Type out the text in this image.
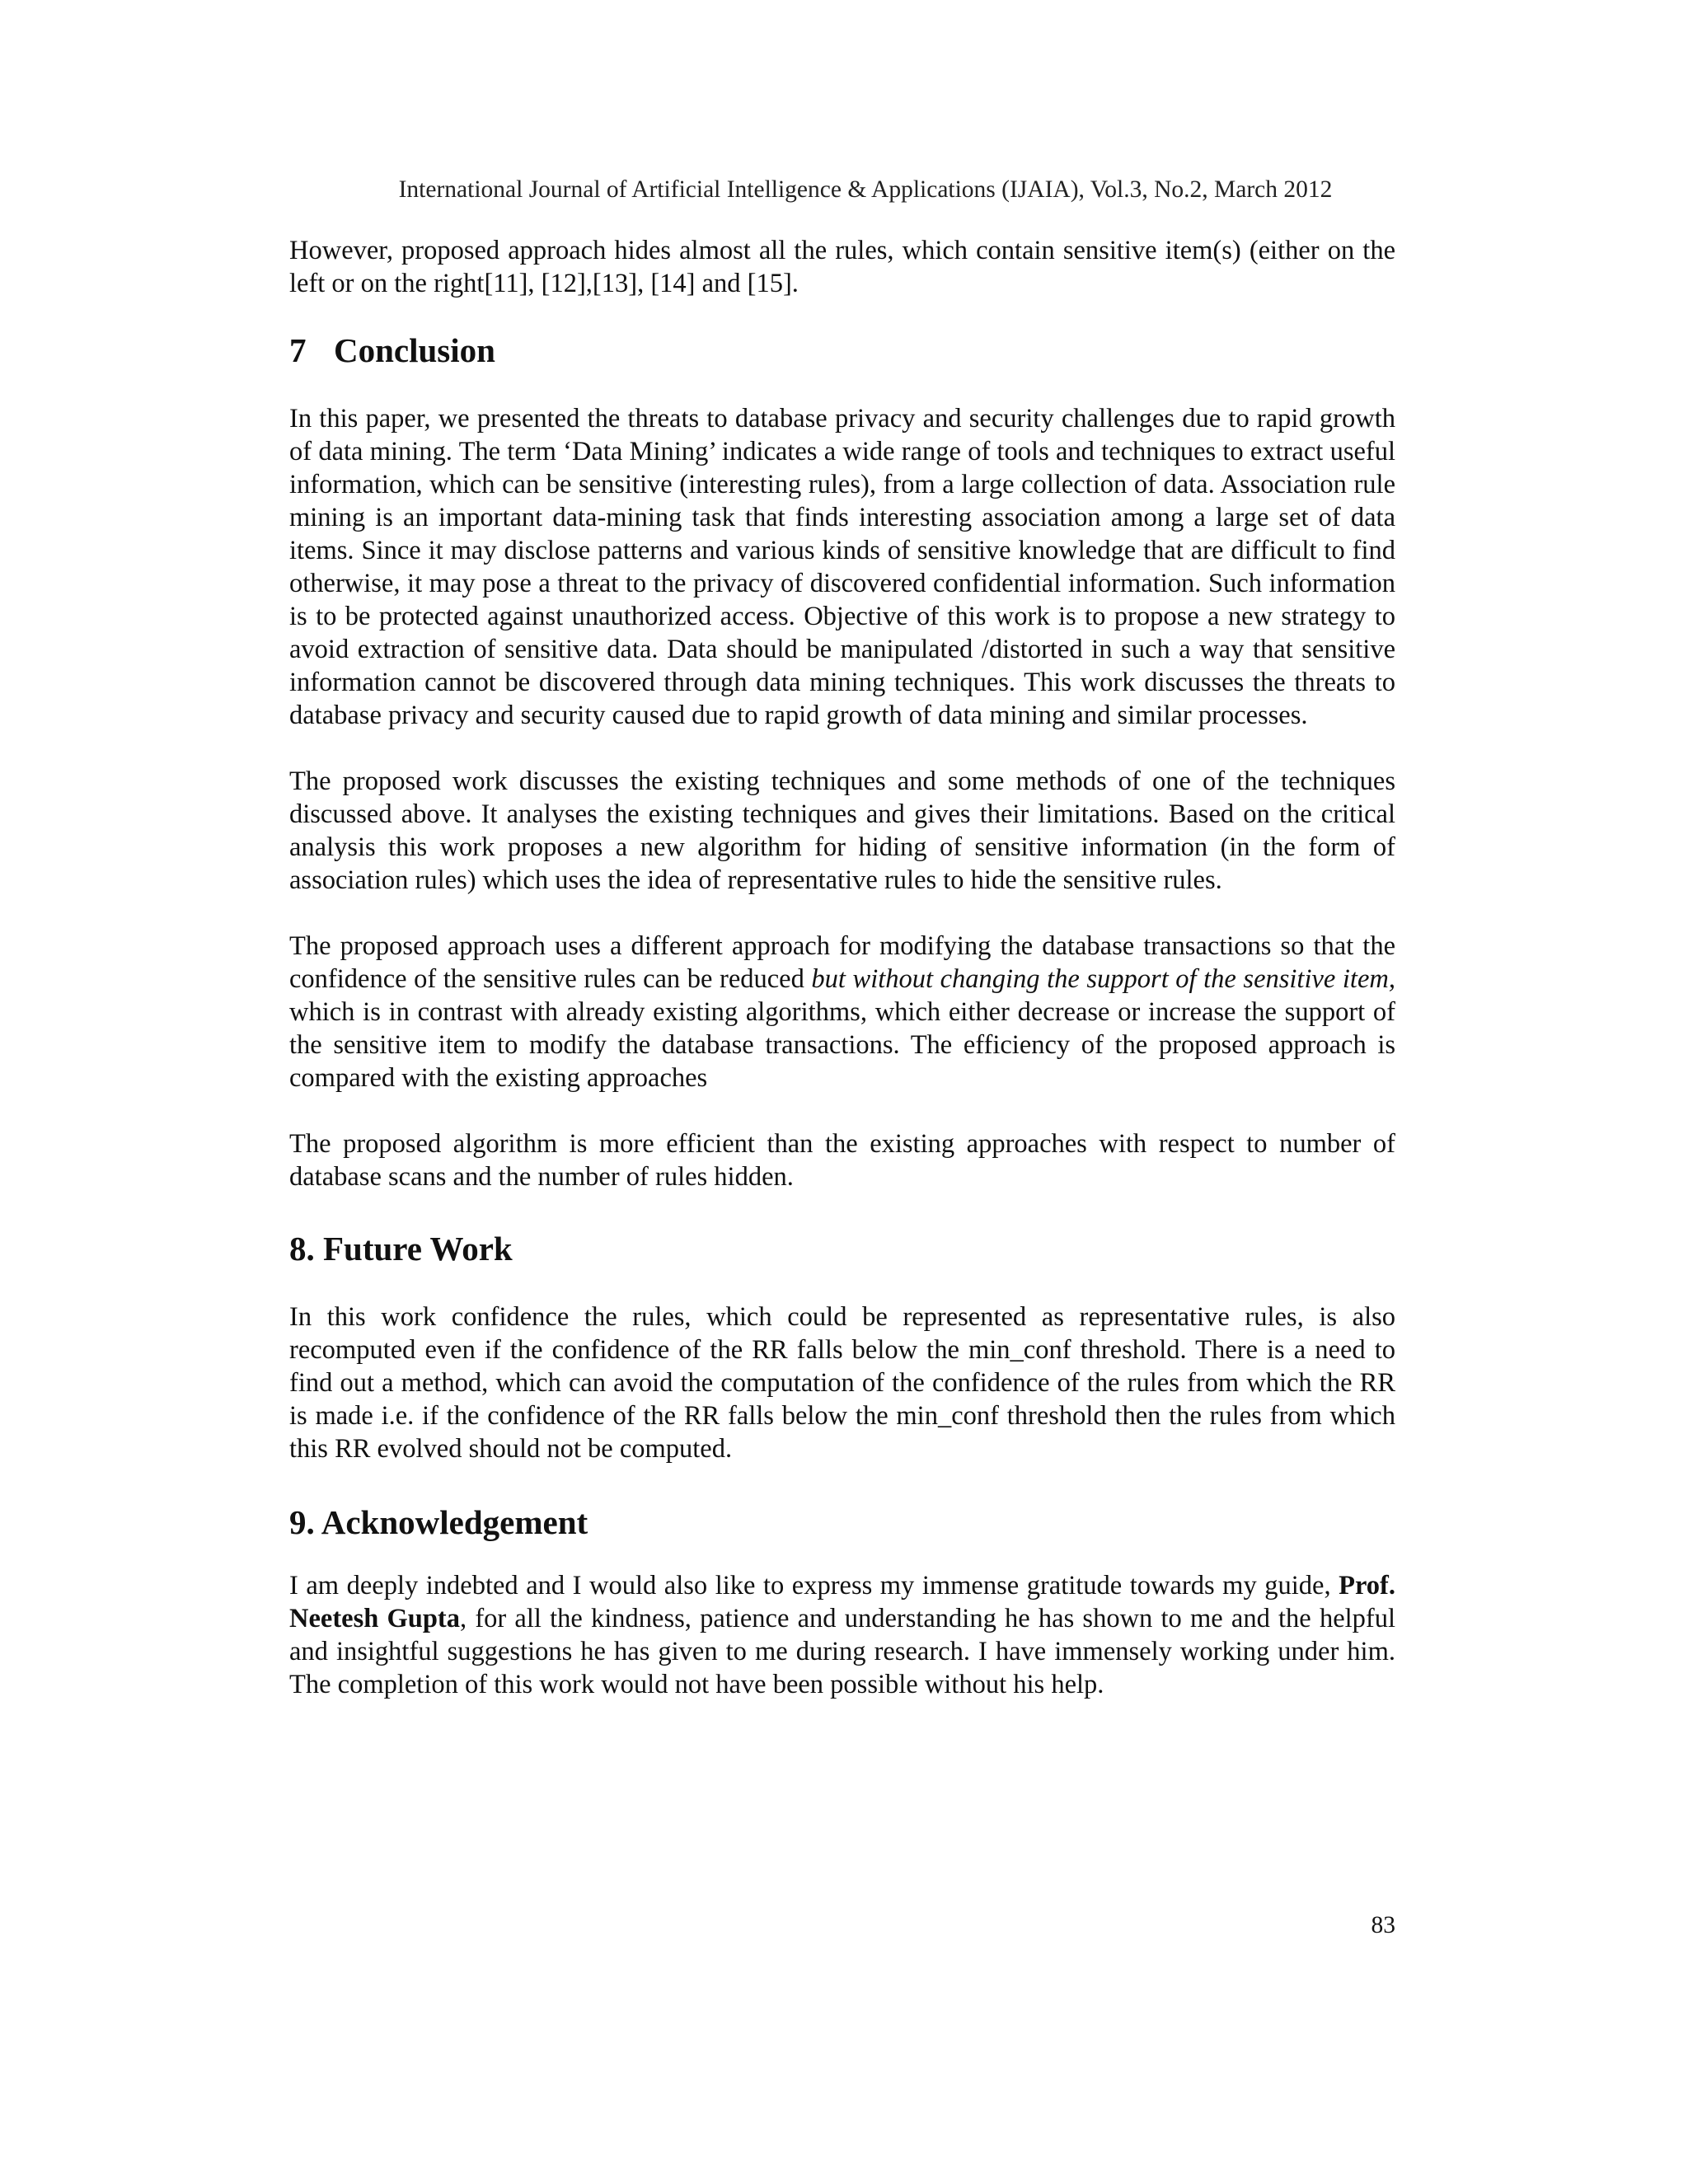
International Journal of Artificial Intelligence & Applications (IJAIA), Vol.3, No.2, March 2012

However, proposed approach hides almost all the rules, which contain sensitive item(s) (either on the left or on the right[11], [12],[13], [14] and [15].

7 Conclusion

In this paper, we presented the threats to database privacy and security challenges due to rapid growth of data mining. The term ‘Data Mining’ indicates a wide range of tools and techniques to extract useful information, which can be sensitive (interesting rules), from a large collection of data. Association rule mining is an important data-mining task that finds interesting association among a large set of data items. Since it may disclose patterns and various kinds of sensitive knowledge that are difficult to find otherwise, it may pose a threat to the privacy of discovered confidential information. Such information is to be protected against unauthorized access. Objective of this work is to propose a new strategy to avoid extraction of sensitive data. Data should be manipulated /distorted in such a way that sensitive information cannot be discovered through data mining techniques. This work discusses the threats to database privacy and security caused due to rapid growth of data mining and similar processes.

The proposed work discusses the existing techniques and some methods of one of the techniques discussed above. It analyses the existing techniques and gives their limitations. Based on the critical analysis this work proposes a new algorithm for hiding of sensitive information (in the form of association rules) which uses the idea of representative rules to hide the sensitive rules.

The proposed approach uses a different approach for modifying the database transactions so that the confidence of the sensitive rules can be reduced but without changing the support of the sensitive item, which is in contrast with already existing algorithms, which either decrease or increase the support of the sensitive item to modify the database transactions. The efficiency of the proposed approach is compared with the existing approaches

The proposed algorithm is more efficient than the existing approaches with respect to number of database scans and the number of rules hidden.

8. Future Work

In this work confidence the rules, which could be represented as representative rules, is also recomputed even if the confidence of the RR falls below the min_conf threshold. There is a need to find out a method, which can avoid the computation of the confidence of the rules from which the RR is made i.e. if the confidence of the RR falls below the min_conf threshold then the rules from which this RR evolved should not be computed.

9. Acknowledgement

I am deeply indebted and I would also like to express my immense gratitude towards my guide, Prof. Neetesh Gupta, for all the kindness, patience and understanding he has shown to me and the helpful and insightful suggestions he has given to me during research. I have immensely working under him. The completion of this work would not have been possible without his help.

83
